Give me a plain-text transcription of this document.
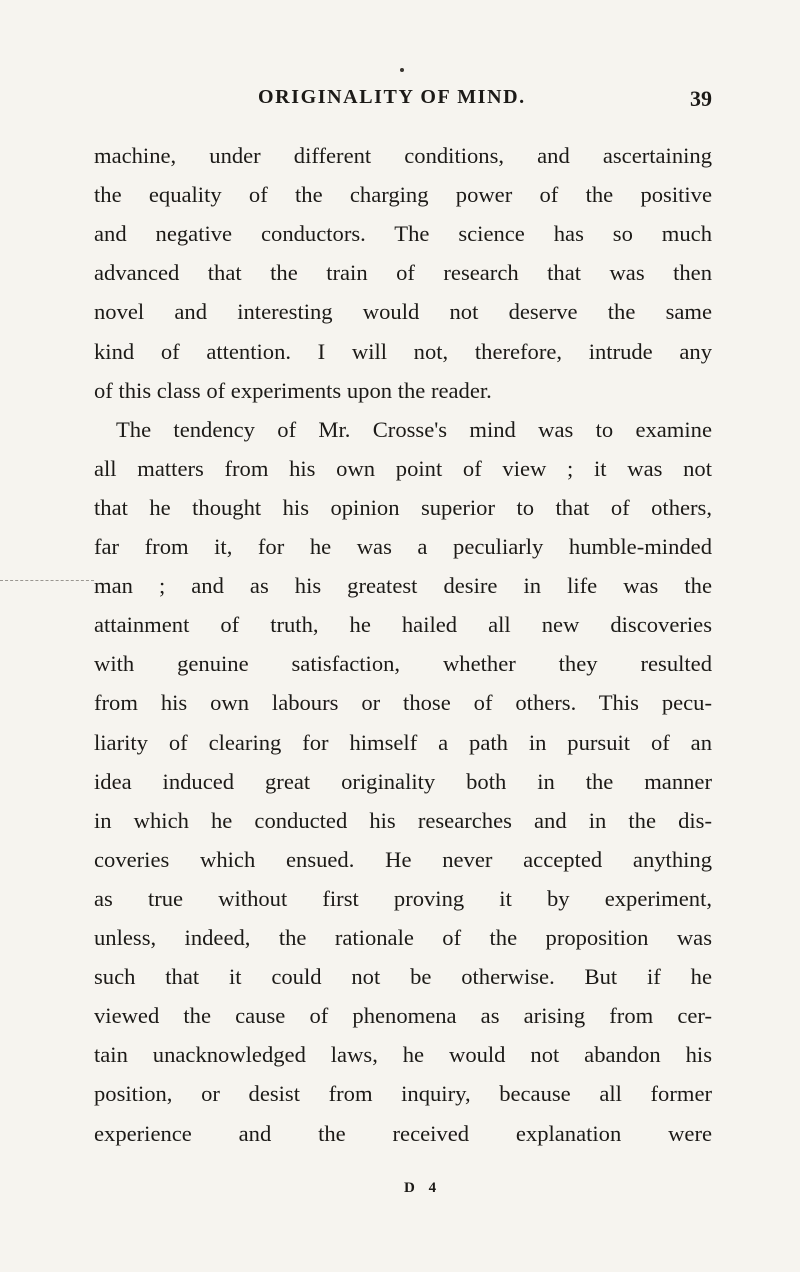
ORIGINALITY OF MIND.	39
machine, under different conditions, and ascertaining
the equality of the charging power of the positive
and negative conductors. The science has so much
advanced that the train of research that was then
novel and interesting would not deserve the same
kind of attention. I will not, therefore, intrude any
of this class of experiments upon the reader.
The tendency of Mr. Crosse's mind was to examine
all matters from his own point of view ; it was not
that he thought his opinion superior to that of others,
far from it, for he was a peculiarly humble-minded
man ; and as his greatest desire in life was the
attainment of truth, he hailed all new discoveries
with genuine satisfaction, whether they resulted
from his own labours or those of others. This pecu-
liarity of clearing for himself a path in pursuit of an
idea induced great originality both in the manner
in which he conducted his researches and in the dis-
coveries which ensued. He never accepted anything
as true without first proving it by experiment,
unless, indeed, the rationale of the proposition was
such that it could not be otherwise. But if he
viewed the cause of phenomena as arising from cer-
tain unacknowledged laws, he would not abandon his
position, or desist from inquiry, because all former
experience and the received explanation were
D 4
